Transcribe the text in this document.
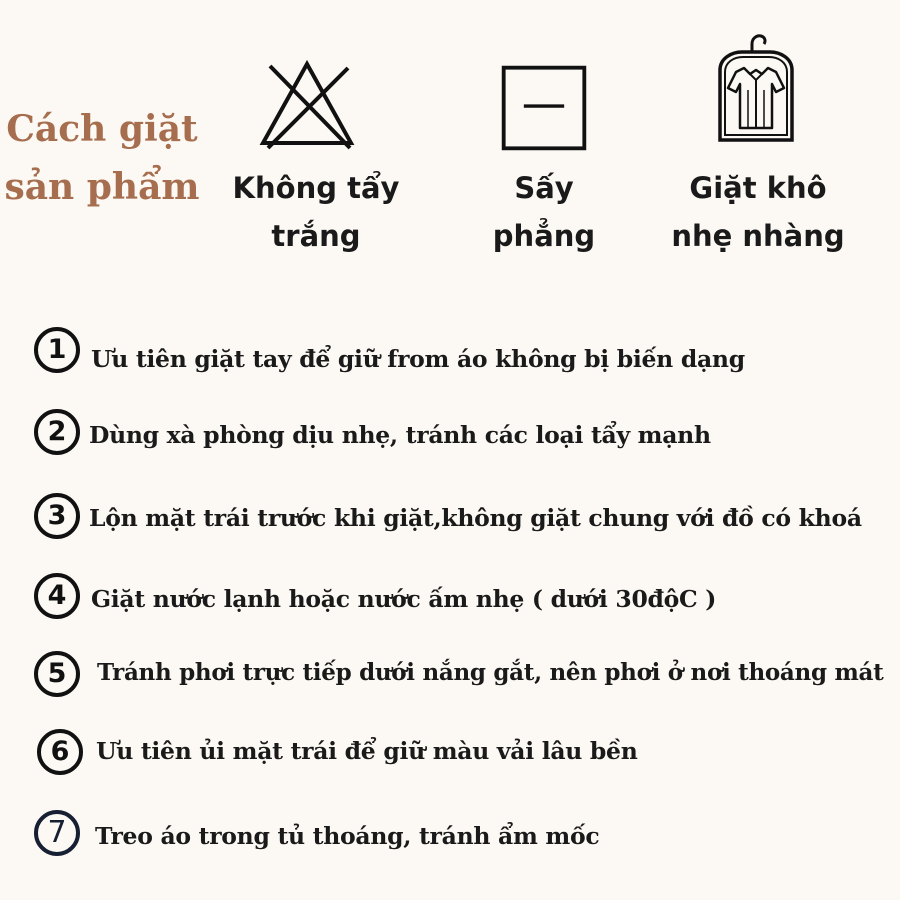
Cách giặt
sản phẩm	Không tẩy
trắng
Sấy
phẳng
Giặt khô
nhẹ nhàng
1	Ưu tiên giặt tay để giữ from áo không bị biến dạng
2 Dùng xà phòng dịu nhẹ, tránh các loại tẩy mạnh
3 Lộn mặt trái trước khi giặt,không giặt chung với đồ có khoá
4	Giặt nước lạnh hoặc nước ấm nhẹ ( dưới 30độC )
5	Tránh phơi trực tiếp dưới nắng gắt, nên phơi ở nơi thoáng mát
6	Ưu tiên ủi mặt trái để giữ màu vải lâu bền
7	Treo áo trong tủ thoáng, tránh ẩm mốc
